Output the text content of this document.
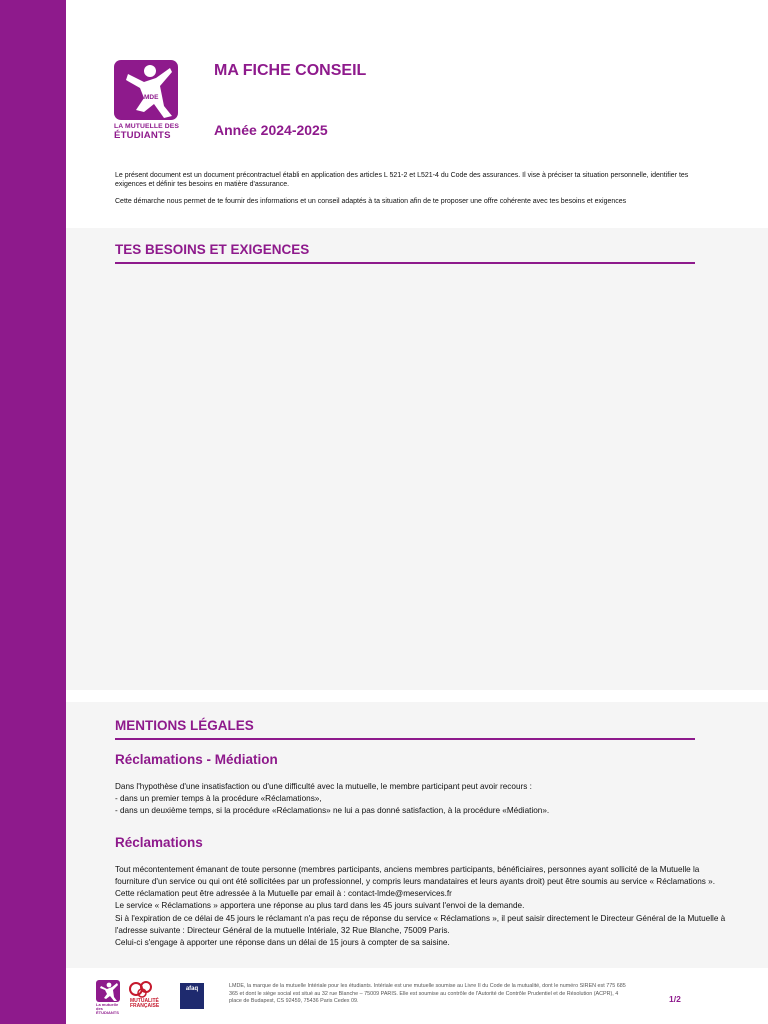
LMDE
LA MUTUELLE DES
ÉTUDIANTS
MA FICHE CONSEIL
Année 2024-2025

Le présent document est un document précontractuel établi en application des articles L 521-2 et L521-4 du Code des assurances. Il vise à préciser ta situation personnelle, identifier tes exigences et définir tes besoins en matière d'assurance.

Cette démarche nous permet de te fournir des informations et un conseil adaptés à ta situation afin de te proposer une offre cohérente avec tes besoins et exigences

TES BESOINS ET EXIGENCES
MENTIONS LÉGALES
Réclamations - Médiation
Dans l'hypothèse d'une insatisfaction ou d'une difficulté avec la mutuelle, le membre participant peut avoir recours :
- dans un premier temps à la procédure «Réclamations»,
- dans un deuxième temps, si la procédure «Réclamations» ne lui a pas donné satisfaction, à la procédure «Médiation».
Réclamations
Tout mécontentement émanant de toute personne (membres participants, anciens membres participants, bénéficiaires, personnes ayant sollicité de la Mutuelle la fourniture d'un service ou qui ont été sollicitées par un professionnel, y compris leurs mandataires et leurs ayants droit) peut être soumis au service « Réclamations ».
Cette réclamation peut être adressée à la Mutuelle par email à : contact-lmde@meservices.fr
Le service « Réclamations » apportera une réponse au plus tard dans les 45 jours suivant l'envoi de la demande.
Si à l'expiration de ce délai de 45 jours le réclamant n'a pas reçu de réponse du service « Réclamations », il peut saisir directement le Directeur Général de la Mutuelle à l'adresse suivante : Directeur Général de la mutuelle Intériale, 32 Rue Blanche, 75009 Paris.
Celui-ci s'engage à apporter une réponse dans un délai de 15 jours à compter de sa saisine.
La mutuelle des ÉTUDIANTS
MUTUALITÉ
FRANÇAISE
afaq	LMDE, la marque de la mutuelle Intériale pour les étudiants. Intériale est une mutuelle soumise au Livre II du Code de la mutualité, dont le numéro SIREN est 775 685 365 et dont le siège social est situé au 32 rue Blanche – 75009 PARIS. Elle est soumise au contrôle de l'Autorité de Contrôle Prudentiel et de Résolution (ACPR), 4 place de Budapest, CS 92459, 75436 Paris Cedex 09.	1/2
